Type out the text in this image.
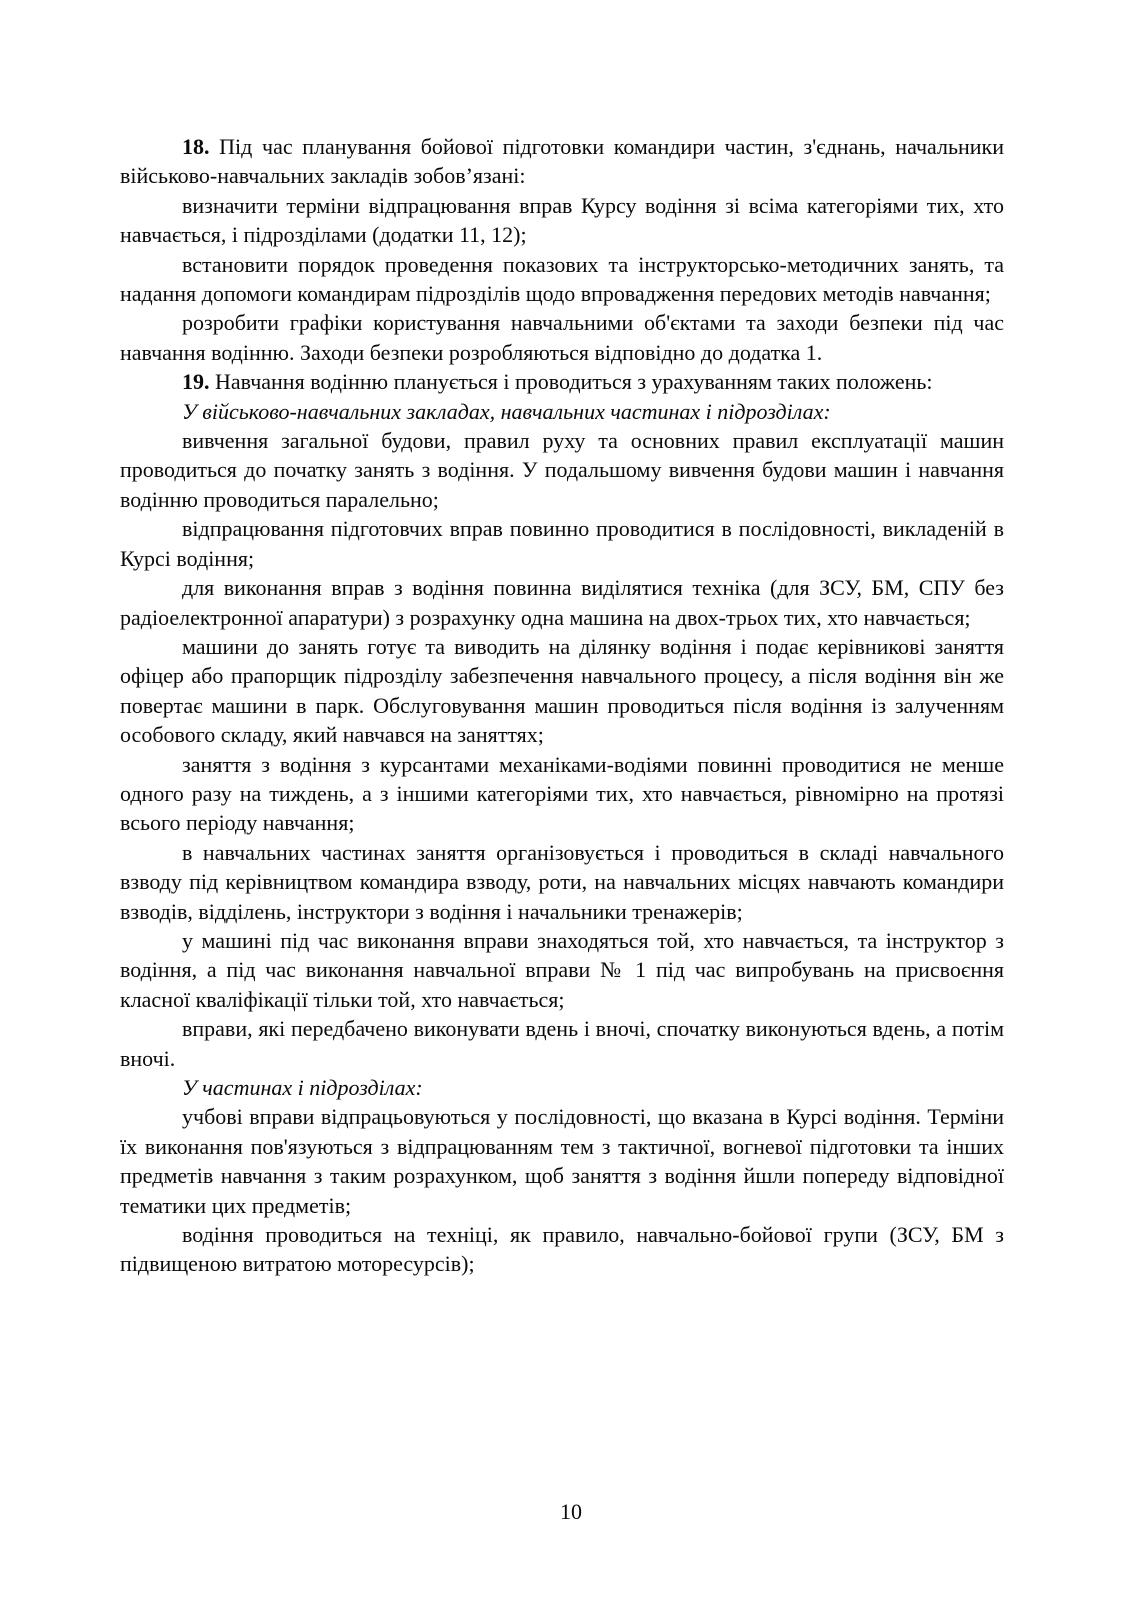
18. Під час планування бойової підготовки командири частин, з'єднань, начальники військово-навчальних закладів зобов’язані:

визначити терміни відпрацювання вправ Курсу водіння зі всіма категоріями тих, хто навчається, і підрозділами (додатки 11, 12);

встановити порядок проведення показових та інструкторсько-методичних занять, та надання допомоги командирам підрозділів щодо впровадження передових методів навчання;

розробити графіки користування навчальними об'єктами та заходи безпеки під час навчання водінню. Заходи безпеки розробляються відповідно до додатка 1.

19. Навчання водінню планується і проводиться з урахуванням таких положень:

У військово-навчальних закладах, навчальних частинах і підрозділах:

вивчення загальної будови, правил руху та основних правил експлуатації машин проводиться до початку занять з водіння. У подальшому вивчення будови машин і навчання водінню проводиться паралельно;

відпрацювання підготовчих вправ повинно проводитися в послідовності, викладеній в Курсі водіння;

для виконання вправ з водіння повинна виділятися техніка (для ЗСУ, БМ, СПУ без радіоелектронної апаратури) з розрахунку одна машина на двох-трьох тих, хто навчається;

машини до занять готує та виводить на ділянку водіння і подає керівникові заняття офіцер або прапорщик підрозділу забезпечення навчального процесу, а після водіння він же повертає машини в парк. Обслуговування машин проводиться після водіння із залученням особового складу, який навчався на заняттях;

заняття з водіння з курсантами механіками-водіями повинні проводитися не менше одного разу на тиждень, а з іншими категоріями тих, хто навчається, рівномірно на протязі всього періоду навчання;

в навчальних частинах заняття організовується і проводиться в складі навчального взводу під керівництвом командира взводу, роти, на навчальних місцях навчають командири взводів, відділень, інструктори з водіння і начальники тренажерів;

у машині під час виконання вправи знаходяться той, хто навчається, та інструктор з водіння, а під час виконання навчальної вправи № 1 під час випробувань на присвоєння класної кваліфікації тільки той, хто навчається;

вправи, які передбачено виконувати вдень і вночі, спочатку виконуються вдень, а потім вночі.

У частинах і підрозділах:

учбові вправи відпрацьовуються у послідовності, що вказана в Курсі водіння. Терміни їх виконання пов'язуються з відпрацюванням тем з тактичної, вогневої підготовки та інших предметів навчання з таким розрахунком, щоб заняття з водіння йшли попереду відповідної тематики цих предметів;

водіння проводиться на техніці, як правило, навчально-бойової групи (ЗСУ, БМ з підвищеною витратою моторесурсів);

10
